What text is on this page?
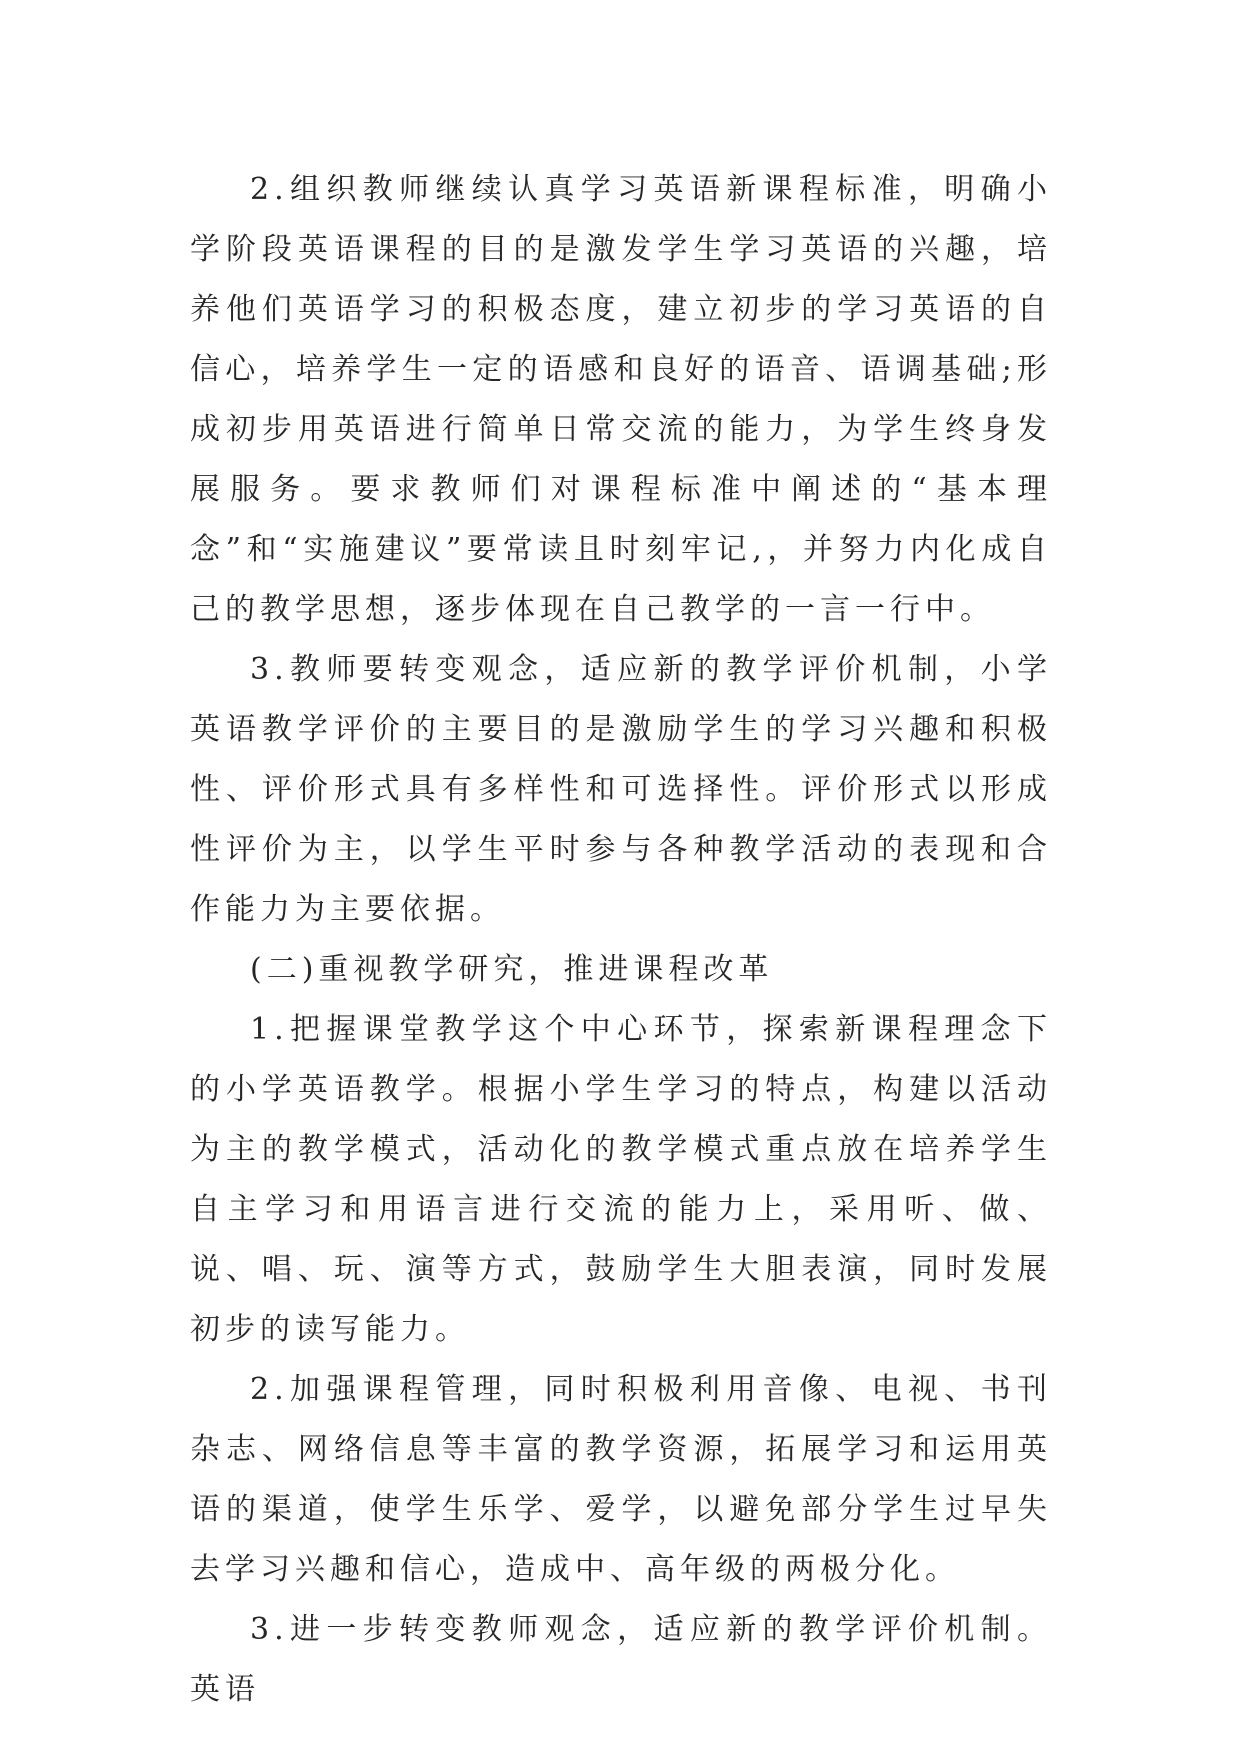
2.组织教师继续认真学习英语新课程标准，明确小学阶段英语课程的目的是激发学生学习英语的兴趣，培养他们英语学习的积极态度，建立初步的学习英语的自信心，培养学生一定的语感和良好的语音、语调基础;形成初步用英语进行简单日常交流的能力，为学生终身发展服务。要求教师们对课程标准中阐述的“基本理念”和“实施建议”要常读且时刻牢记,，并努力内化成自己的教学思想，逐步体现在自己教学的一言一行中。

3.教师要转变观念，适应新的教学评价机制，小学英语教学评价的主要目的是激励学生的学习兴趣和积极性、评价形式具有多样性和可选择性。评价形式以形成性评价为主，以学生平时参与各种教学活动的表现和合作能力为主要依据。

(二)重视教学研究，推进课程改革

1.把握课堂教学这个中心环节，探索新课程理念下的小学英语教学。根据小学生学习的特点，构建以活动为主的教学模式，活动化的教学模式重点放在培养学生自主学习和用语言进行交流的能力上，采用听、做、说、唱、玩、演等方式，鼓励学生大胆表演，同时发展初步的读写能力。

2.加强课程管理，同时积极利用音像、电视、书刊杂志、网络信息等丰富的教学资源，拓展学习和运用英语的渠道，使学生乐学、爱学，以避免部分学生过早失去学习兴趣和信心，造成中、高年级的两极分化。

3.进一步转变教师观念，适应新的教学评价机制。英语
